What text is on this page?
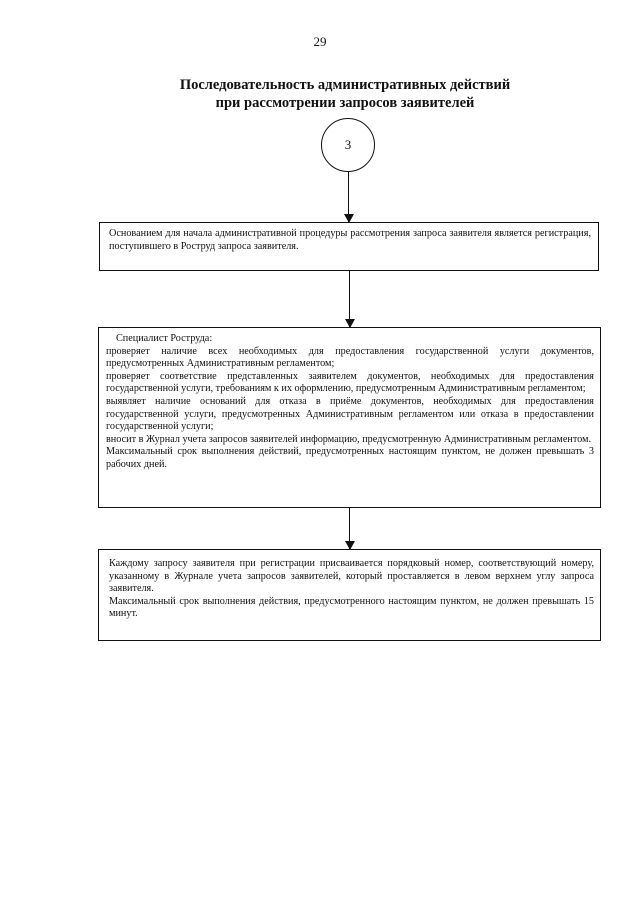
29
Последовательность административных действий
при рассмотрении запросов заявителей
3

Основанием для начала административной процедуры рассмотрения запроса заявителя является регистрация, поступившего в Роструд запроса заявителя.

Специалист Роструда:

проверяет наличие всех необходимых для предоставления государственной услуги документов, предусмотренных Административным регламентом;

проверяет соответствие представленных заявителем документов, необходимых для предоставления государственной услуги, требованиям к их оформлению, предусмотренным Административным регламентом;

выявляет наличие оснований для отказа в приёме документов, необходимых для предоставления государственной услуги, предусмотренных Административным регламентом или отказа в предоставлении государственной услуги;

вносит в Журнал учета запросов заявителей информацию, предусмотренную Административным регламентом.

Максимальный срок выполнения действий, предусмотренных настоящим пунктом, не должен превышать 3 рабочих дней.

Каждому запросу заявителя при регистрации присваивается порядковый номер, соответствующий номеру, указанному в Журнале учета запросов заявителей, который проставляется в левом верхнем углу запроса заявителя.

Максимальный срок выполнения действия, предусмотренного настоящим пунктом, не должен превышать 15 минут.
